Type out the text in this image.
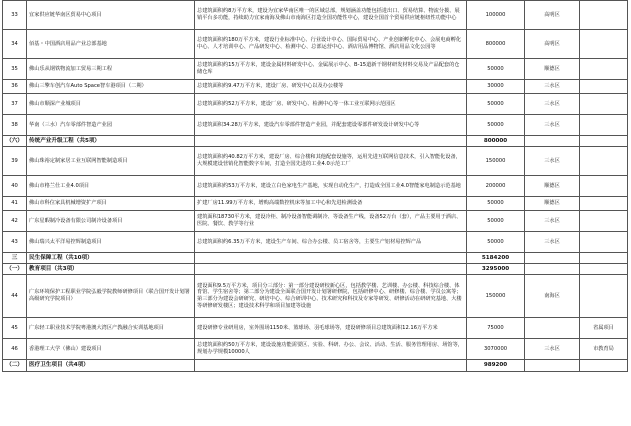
33	宜家供应链华南区贸易中心项目	总建筑面积约8万平方米，建设为宜家华南区唯一的区域总部，规划涵盖功能包括进出口、贸易结算、物流分拨、展销平台多功能，持续助力宜家南海及佛山市南海区打造全国功能性中心，建设全国首个贸易供应链枢纽性功能中心	100000	高明区	
34	佰基・中国酒店用品产业总部基地	总建筑面积约180万平方米，建设行业标准中心、行业设计中心、国际贸易中心、产业创新孵化中心、会展电商孵化中心、人才培训中心、产品研发中心、检测中心、总部运营中心、酒店用品博物馆、酒店用品文化公园等	800000	高明区	
35	佛山乐从钢铁物流加工贸易三期工程	总建筑面积约15万平方米，建设金属材料研发中心、金属展示中心、B-15道新干钢材研发材料交易及产品配套的仓储仓库	50000	顺德区	
36	佛山三擎车创汽车Auto Space智车港项目（二期）	总建筑面积约9.47万平方米，建设厂房、研发中心以及办公楼等	30000	三水区	
37	佛山市顺深产业城项目	总建筑面积约52万平方米，建设厂房、研发中心、检测中心等一体工业互联网示范园区	50000	三水区	
38	华南（三水）汽车零部件智造产业园	总建筑面积34.28万平方米，建设汽车零部件智造产业园，并配套建设零部件研发设计研发中心等	50000	三水区	
（六）	传统产业升级工程（共5项）		800000		
39	佛山珠裕定制家居工业互联网智能制造项目	总建筑面积约40.82万平方米，建设厂房、综合楼和其他配套设施等，运用先进互联网信息技术，引入智能化设备，大规模建设营销化智能数字车间，打造全国先进的工业4.0示范工厂	150000	三水区	
40	佛山市格兰仕工业4.0项目	总建筑面积约53万平方米，建设立白色家电生产基地，实现自动化生产，打造成全国工业4.0智能家电制造示范基地	200000	顺德区	
41	佛山市科位家具机械增资扩产项目	扩建厂房11.99万平方米，增购高端数控机床等加工中心和先进检测设备	50000	顺德区	
42	广东星暇制冷设备有限公司制冷设备项目	建筑面积18730平方米，建设冷柜、制冷设备智能调制冷、等设备生产线，设备52万台（套），产品主要用于酒店、医院、餐饮、教学等行业	50000	三水区	
43	佛山瑞兴太平洋易控辉制造项目	总建筑面积约6.35万平方米，建设生产车间、综合办公楼、员工宿舍等，主要生产铝材易控辉产品	50000	三水区	
三	民生保障工程（共10项）		5184200		
（一）	教育项目（共3项）		3295000		
44	广东环境保护工程职业学院弘毅学院教师研修项目（联合国开发计划署高级研究学院项目）	建设面积9.5万平方米，项目分三部分：第一部分建设研校新心区，包括教学楼、艺训楼、办公楼、科技综合楼、体育馆、学生宿舍等；第二部分为建设全面联合国开发计划署研修院，包括研修中心、研修楼、综合楼、学员公寓等；第三部分为建设会研研究、研培中心、综合研训中心、技术研究和科技及专家等研发、研修活动在研研究基地、大楼等研修研发楼区；建设技术科学和项目加建等设施	150000	南海区	
45	广东轻工职业技术学院粤港澳大湾区产教融合实训基地项目	建设研修专业研用房，室外围场1150米、篮球场、羽毛球场等，建设研修项目总建筑面积12.16万平方米	75000		省属项目
46	香港理工大学（佛山）建设项目	总建筑面积约50万平方米，建设设施功能需要区、实验、科研、办公、会议、活动、生活、服务管理用房、场馆等，规划办学规模10000人	3070000	三水区	市教育局
（二）	医疗卫生项目（共4项）		989200		
